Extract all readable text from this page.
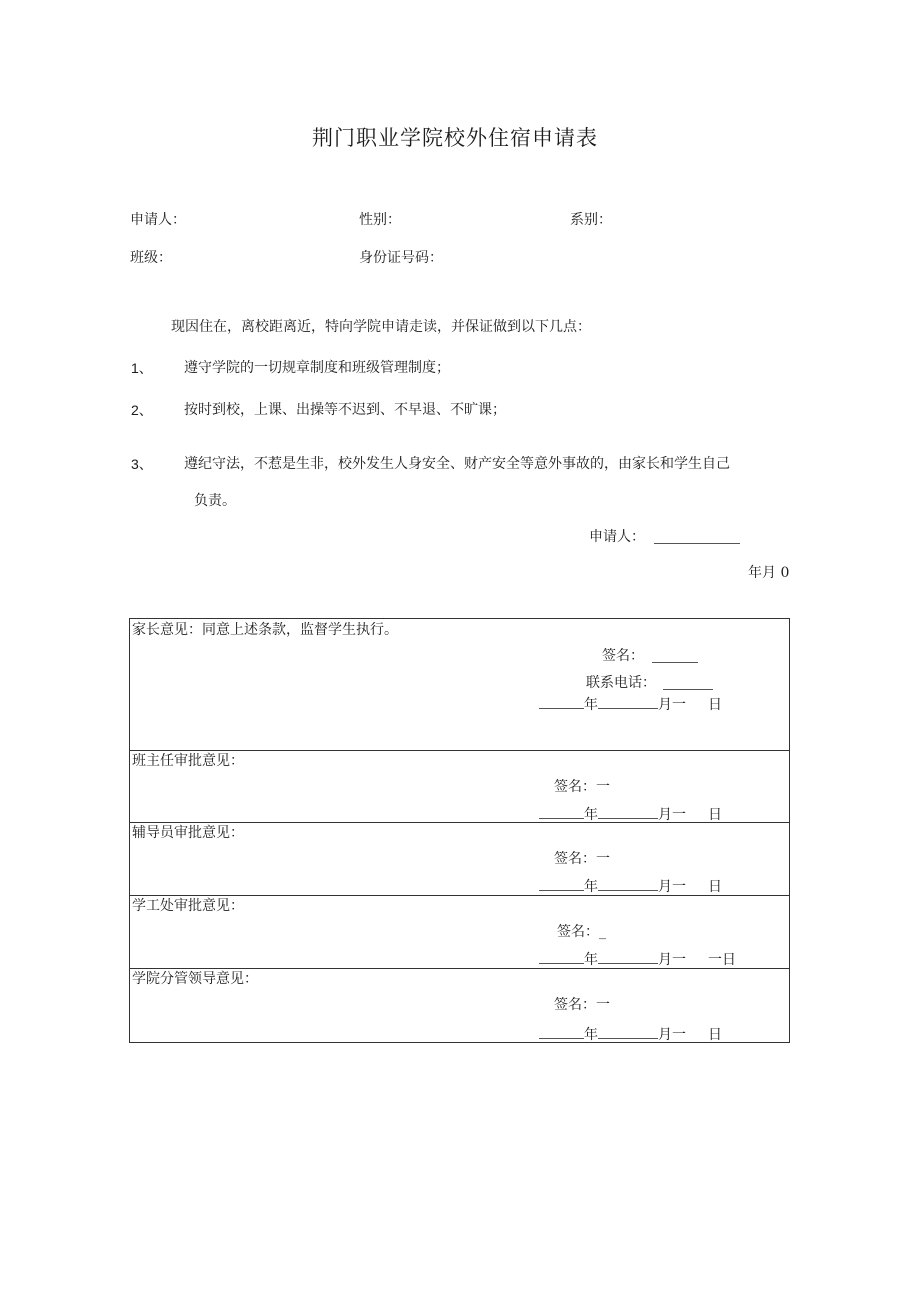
荆门职业学院校外住宿申请表
申请人：	性别：	系别：
班级：	身份证号码：
现因住在，离校距离近，特向学院申请走读，并保证做到以下几点：
1、 遵守学院的一切规章制度和班级管理制度；
2、 按时到校，上课、出操等不迟到、不早退、不旷课；
3、 遵纪守法，不惹是生非，校外发生人身安全、财产安全等意外事故的，由家长和学生自己
负责。
申请人：
年月 0
家长意见：同意上述条款，监督学生执行。
签名：
联系电话：
年	月一 日
班主任审批意见：
签名：一
年	月一 日
辅导员审批意见：
签名：一
年	月一 日
学工处审批意见：
签名：_
年	月一 一日
学院分管领导意见：
签名：一
年	月一 日
